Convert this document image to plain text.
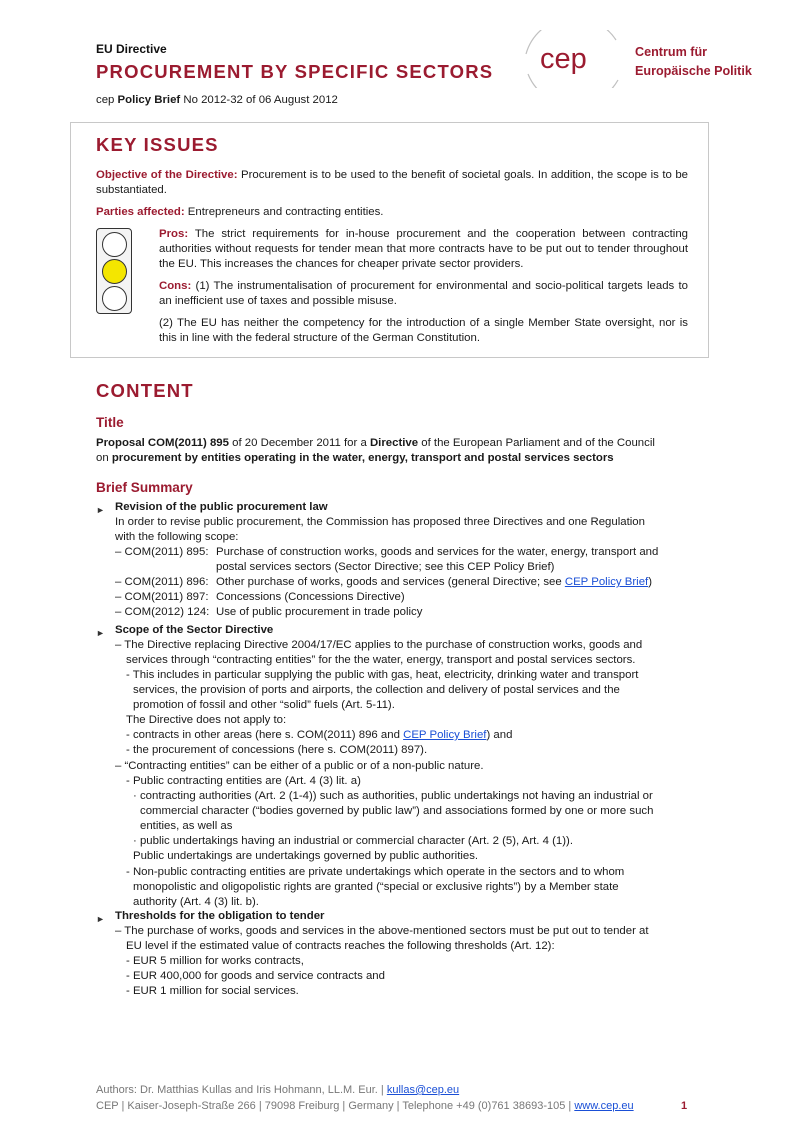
EU Directive
PROCUREMENT BY SPECIFIC SECTORS
cep Policy Brief No 2012-32 of 06 August 2012
cep	Centrum für
Europäische Politik
KEY ISSUES
Objective of the Directive: Procurement is to be used to the benefit of societal goals. In addition, the scope is to be substantiated.
Parties affected: Entrepreneurs and contracting entities.
Pros: The strict requirements for in-house procurement and the cooperation between contracting authorities without requests for tender mean that more contracts have to be put out to tender throughout the EU. This increases the chances for cheaper private sector providers.
Cons: (1) The instrumentalisation of procurement for environmental and socio-political targets leads to an inefficient use of taxes and possible misuse.
(2) The EU has neither the competency for the introduction of a single Member State oversight, nor is this in line with the federal structure of the German Constitution.
CONTENT
Title
Proposal COM(2011) 895 of 20 December 2011 for a Directive of the European Parliament and of the Council
on procurement by entities operating in the water, energy, transport and postal services sectors
Brief Summary
► Revision of the public procurement law
In order to revise public procurement, the Commission has proposed three Directives and one Regulation
with the following scope:
– COM(2011) 895: Purchase of construction works, goods and services for the water, energy, transport and
postal services sectors (Sector Directive; see this CEP Policy Brief)
– COM(2011) 896: Other purchase of works, goods and services (general Directive; see CEP Policy Brief)
– COM(2011) 897: Concessions (Concessions Directive)
– COM(2012) 124: Use of public procurement in trade policy
► Scope of the Sector Directive
– The Directive replacing Directive 2004/17/EC applies to the purchase of construction works, goods and
services through “contracting entities” for the the water, energy, transport and postal services sectors.
- This includes in particular supplying the public with gas, heat, electricity, drinking water and transport
services, the provision of ports and airports, the collection and delivery of postal services and the
promotion of fossil and other “solid” fuels (Art. 5-11).
The Directive does not apply to:
- contracts in other areas (here s. COM(2011) 896 and CEP Policy Brief) and
- the procurement of concessions (here s. COM(2011) 897).
– “Contracting entities” can be either of a public or of a non-public nature.
- Public contracting entities are (Art. 4 (3) lit. a)
· contracting authorities (Art. 2 (1-4)) such as authorities, public undertakings not having an industrial or
commercial character (“bodies governed by public law”) and associations formed by one or more such
entities, as well as
· public undertakings having an industrial or commercial character (Art. 2 (5), Art. 4 (1)).
Public undertakings are undertakings governed by public authorities.
- Non-public contracting entities are private undertakings which operate in the sectors and to whom
monopolistic and oligopolistic rights are granted (“special or exclusive rights”) by a Member state
authority (Art. 4 (3) lit. b).
► Thresholds for the obligation to tender
– The purchase of works, goods and services in the above-mentioned sectors must be put out to tender at
EU level if the estimated value of contracts reaches the following thresholds (Art. 12):
- EUR 5 million for works contracts,
- EUR 400,000 for goods and service contracts and
- EUR 1 million for social services.
Authors: Dr. Matthias Kullas and Iris Hohmann, LL.M. Eur. | kullas@cep.eu
CEP | Kaiser-Joseph-Straße 266 | 79098 Freiburg | Germany | Telephone +49 (0)761 38693-105 | www.cep.eu	1
